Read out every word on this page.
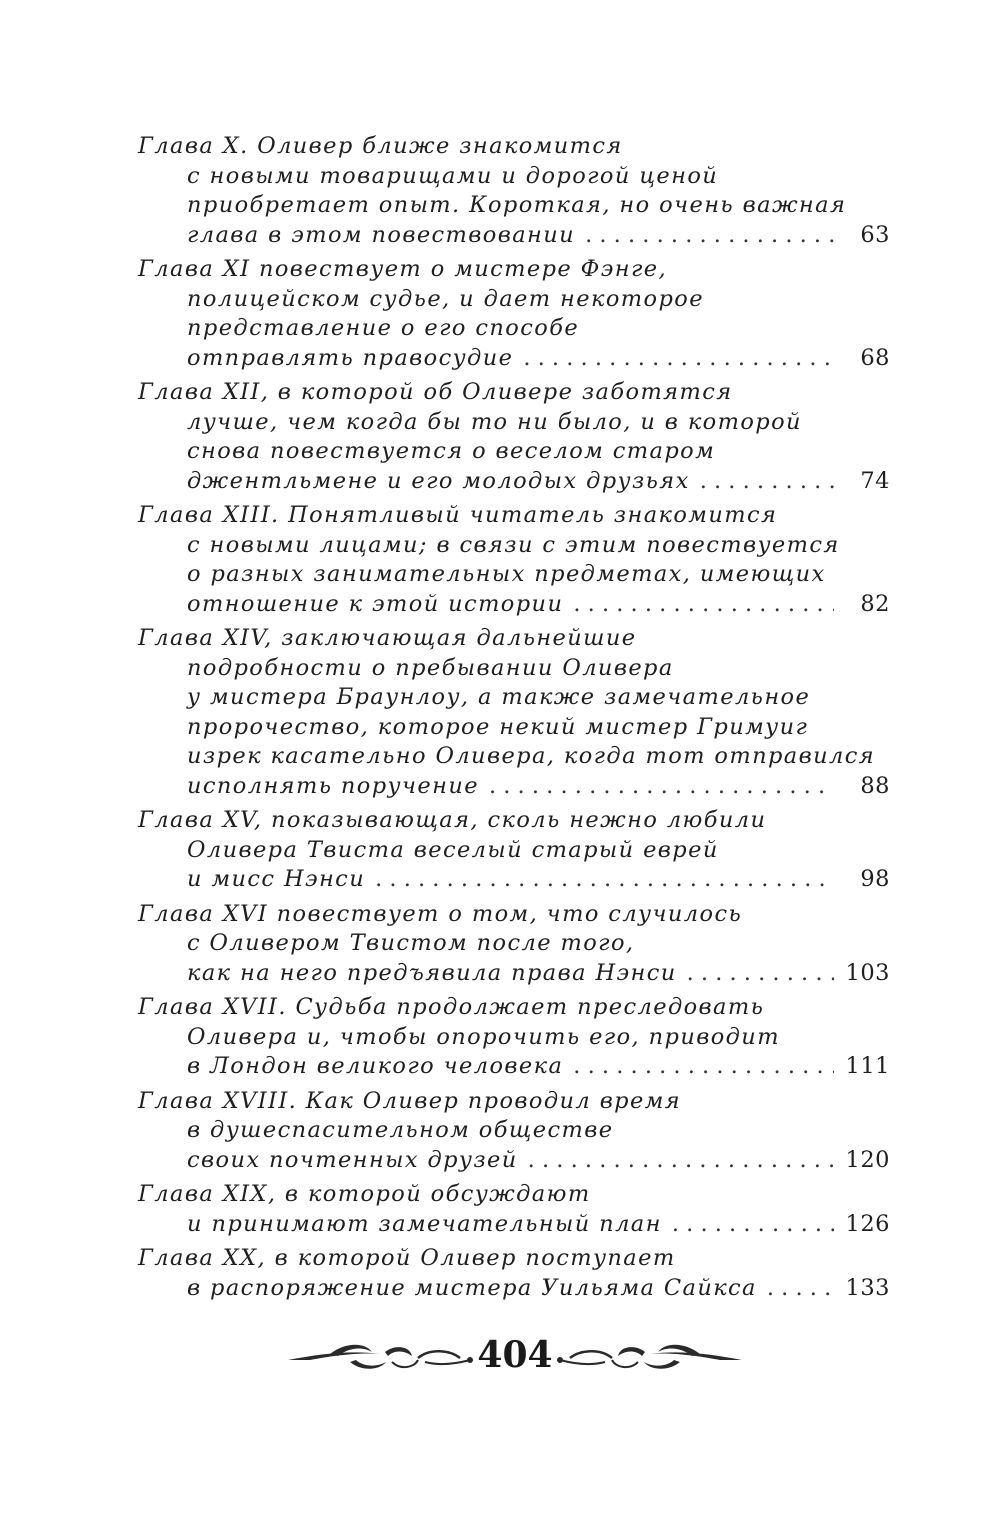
Глава X. Оливер ближе знакомится
с новыми товарищами и дорогой ценой
приобретает опыт. Короткая, но очень важная
глава в этом повествовании . . .	63
Глава XI повествует о мистере Фэнге,
полицейском судье, и дает некоторое
представление о его способе
отправлять правосудие . . .	68
Глава XII, в которой об Оливере заботятся
лучше, чем когда бы то ни было, и в которой
снова повествуется о веселом старом
джентльмене и его молодых друзьях . . .	74
Глава XIII. Понятливый читатель знакомится
с новыми лицами; в связи с этим повествуется
о разных занимательных предметах, имеющих
отношение к этой истории . . .	82
Глава XIV, заключающая дальнейшие
подробности о пребывании Оливера
у мистера Браунлоу, а также замечательное
пророчество, которое некий мистер Гримуиг
изрек касательно Оливера, когда тот отправился
исполнять поручение . . .	88
Глава XV, показывающая, сколь нежно любили
Оливера Твиста веселый старый еврей
и мисс Нэнси . . .	98
Глава XVI повествует о том, что случилось
с Оливером Твистом после того,
как на него предъявила права Нэнси . . .	103
Глава XVII. Судьба продолжает преследовать
Оливера и, чтобы опорочить его, приводит
в Лондон великого человека . . .	111
Глава XVIII. Как Оливер проводил время
в душеспасительном обществе
своих почтенных друзей . . .	120
Глава XIX, в которой обсуждают
и принимают замечательный план . . .	126
Глава XX, в которой Оливер поступает
в распоряжение мистера Уильяма Сайкса . . .	133
404
